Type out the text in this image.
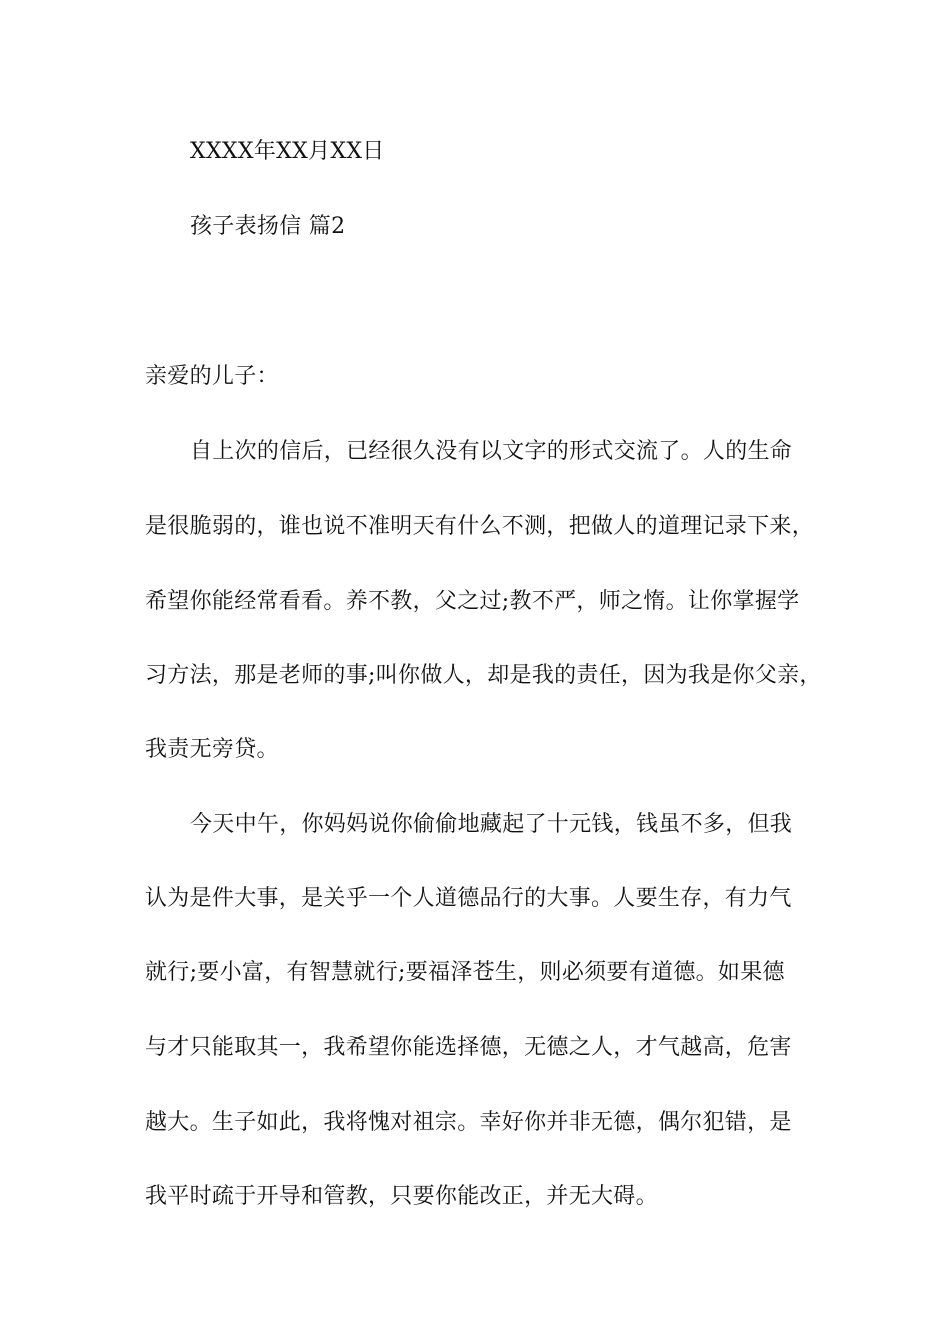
XXXX年XX月XX日
孩子表扬信 篇2
亲爱的儿子：
自上次的信后，已经很久没有以文字的形式交流了。人的生命
是很脆弱的，谁也说不准明天有什么不测，把做人的道理记录下来，
希望你能经常看看。养不教，父之过;教不严，师之惰。让你掌握学
习方法，那是老师的事;叫你做人，却是我的责任，因为我是你父亲，
我责无旁贷。
今天中午，你妈妈说你偷偷地藏起了十元钱，钱虽不多，但我
认为是件大事，是关乎一个人道德品行的大事。人要生存，有力气
就行;要小富，有智慧就行;要福泽苍生，则必须要有道德。如果德
与才只能取其一，我希望你能选择德，无德之人，才气越高，危害
越大。生子如此，我将愧对祖宗。幸好你并非无德，偶尔犯错，是
我平时疏于开导和管教，只要你能改正，并无大碍。
